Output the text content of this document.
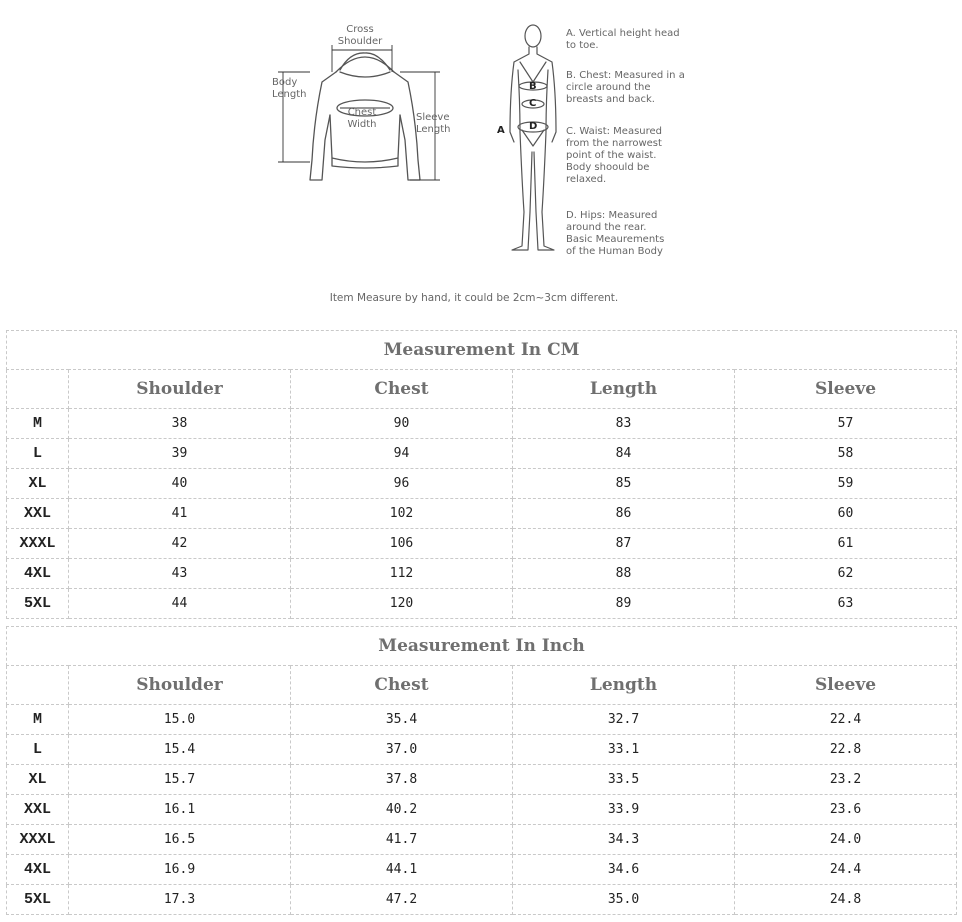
Cross
Shoulder
Body
Length
Chest
Width
Sleeve
Length	A
B
C
D
A. Vertical height head
to toe.
B. Chest: Measured in a
circle around the
breasts and back.
C. Waist: Measured
from the narrowest
point of the waist.
Body shoould be
relaxed.
D. Hips: Measured
around the rear.
Basic Meaurements
of the Human Body
Item Measure by hand, it could be 2cm~3cm different.
Measurement In CM				
	Shoulder	Chest	Length	Sleeve
M	38	90	83	57
L	39	94	84	58
XL	40	96	85	59
XXL	41	102	86	60
XXXL	42	106	87	61
4XL	43	112	88	62
5XL	44	120	89	63
Measurement In Inch				
	Shoulder	Chest	Length	Sleeve
M	15.0	35.4	32.7	22.4
L	15.4	37.0	33.1	22.8
XL	15.7	37.8	33.5	23.2
XXL	16.1	40.2	33.9	23.6
XXXL	16.5	41.7	34.3	24.0
4XL	16.9	44.1	34.6	24.4
5XL	17.3	47.2	35.0	24.8
